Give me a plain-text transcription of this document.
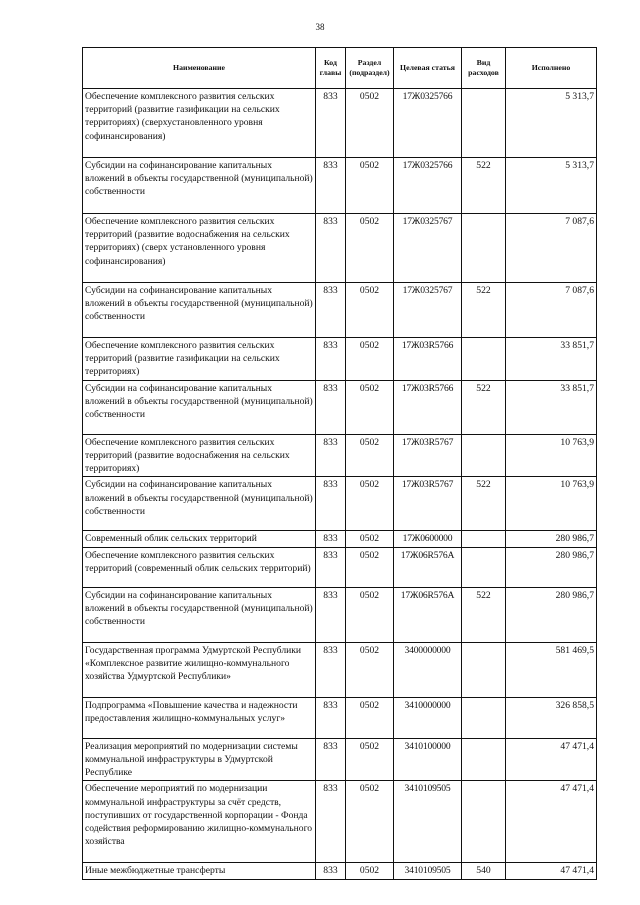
38
Наименование	Код главы	Раздел (подраздел)	Целевая статья	Вид расходов	Исполнено
Обеспечение комплексного развития сельских территорий (развитие газификации на сельских территориях) (сверхустановленного уровня софинансирования)	833	0502	17Ж0325766		5 313,7
Субсидии на софинансирование капитальных вложений в объекты государственной (муниципальной) собственности	833	0502	17Ж0325766	522	5 313,7
Обеспечение комплексного развития сельских территорий (развитие водоснабжения на сельских территориях) (сверх установленного уровня софинансирования)	833	0502	17Ж0325767		7 087,6
Субсидии на софинансирование капитальных вложений в объекты государственной (муниципальной) собственности	833	0502	17Ж0325767	522	7 087,6
Обеспечение комплексного развития сельских территорий (развитие газификации на сельских территориях)	833	0502	17Ж03R5766		33 851,7
Субсидии на софинансирование капитальных вложений в объекты государственной (муниципальной) собственности	833	0502	17Ж03R5766	522	33 851,7
Обеспечение комплексного развития сельских территорий (развитие водоснабжения на сельских территориях)	833	0502	17Ж03R5767		10 763,9
Субсидии на софинансирование капитальных вложений в объекты государственной (муниципальной) собственности	833	0502	17Ж03R5767	522	10 763,9
Современный облик сельских территорий	833	0502	17Ж0600000		280 986,7
Обеспечение комплексного развития сельских территорий (современный облик сельских территорий)	833	0502	17Ж06R576A		280 986,7
Субсидии на софинансирование капитальных вложений в объекты государственной (муниципальной) собственности	833	0502	17Ж06R576A	522	280 986,7
Государственная программа Удмуртской Республики «Комплексное развитие жилищно-коммунального хозяйства Удмуртской Республики»	833	0502	3400000000		581 469,5
Подпрограмма «Повышение качества и надежности предоставления жилищно-коммунальных услуг»	833	0502	3410000000		326 858,5
Реализация мероприятий по модернизации системы коммунальной инфраструктуры в Удмуртской Республике	833	0502	3410100000		47 471,4
Обеспечение мероприятий по модернизации коммунальной инфраструктуры за счёт средств, поступивших от государственной корпорации - Фонда содействия реформированию жилищно-коммунального хозяйства	833	0502	3410109505		47 471,4
Иные межбюджетные трансферты	833	0502	3410109505	540	47 471,4
